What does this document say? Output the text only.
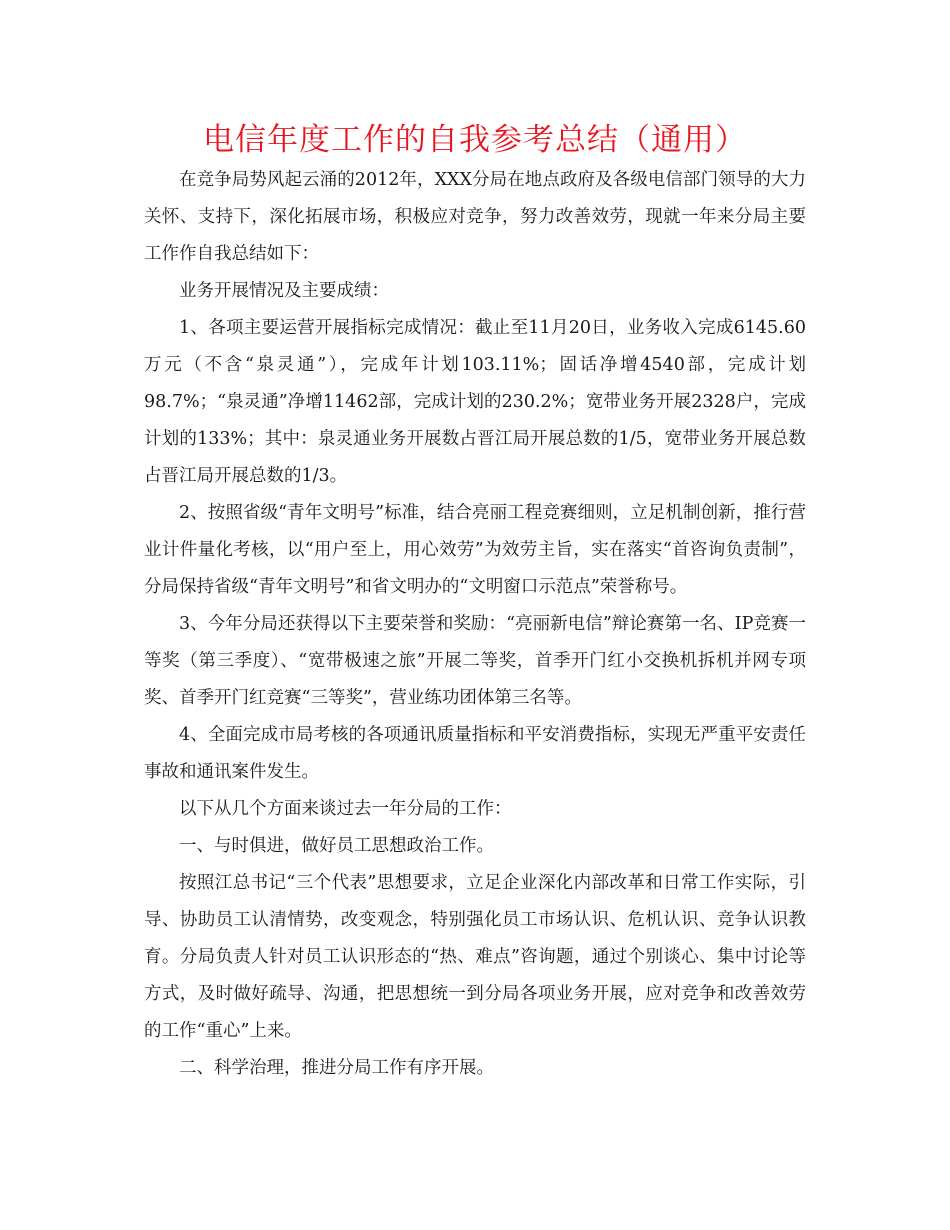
电信年度工作的自我参考总结（通用）

在竞争局势风起云涌的2012年，XXX分局在地点政府及各级电信部门领导的大力关怀、支持下，深化拓展市场，积极应对竞争，努力改善效劳，现就一年来分局主要工作作自我总结如下：

业务开展情况及主要成绩：

1、各项主要运营开展指标完成情况：截止至11月20日，业务收入完成6145.60万元（不含“泉灵通”），完成年计划103.11%；固话净增4540部，完成计划98.7%；“泉灵通”净增11462部，完成计划的230.2%；宽带业务开展2328户，完成计划的133%；其中：泉灵通业务开展数占晋江局开展总数的1/5，宽带业务开展总数占晋江局开展总数的1/3。

2、按照省级“青年文明号”标准，结合亮丽工程竞赛细则，立足机制创新，推行营业计件量化考核，以“用户至上，用心效劳”为效劳主旨，实在落实“首咨询负责制”，分局保持省级“青年文明号”和省文明办的“文明窗口示范点”荣誉称号。

3、今年分局还获得以下主要荣誉和奖励：“亮丽新电信”辩论赛第一名、IP竞赛一等奖（第三季度）、“宽带极速之旅”开展二等奖，首季开门红小交换机拆机并网专项奖、首季开门红竞赛“三等奖”，营业练功团体第三名等。

4、全面完成市局考核的各项通讯质量指标和平安消费指标，实现无严重平安责任事故和通讯案件发生。

以下从几个方面来谈过去一年分局的工作：

一、与时俱进，做好员工思想政治工作。

按照江总书记“三个代表”思想要求，立足企业深化内部改革和日常工作实际，引导、协助员工认清情势，改变观念，特别强化员工市场认识、危机认识、竞争认识教育。分局负责人针对员工认识形态的“热、难点”咨询题，通过个别谈心、集中讨论等方式，及时做好疏导、沟通，把思想统一到分局各项业务开展，应对竞争和改善效劳的工作“重心”上来。

二、科学治理，推进分局工作有序开展。
